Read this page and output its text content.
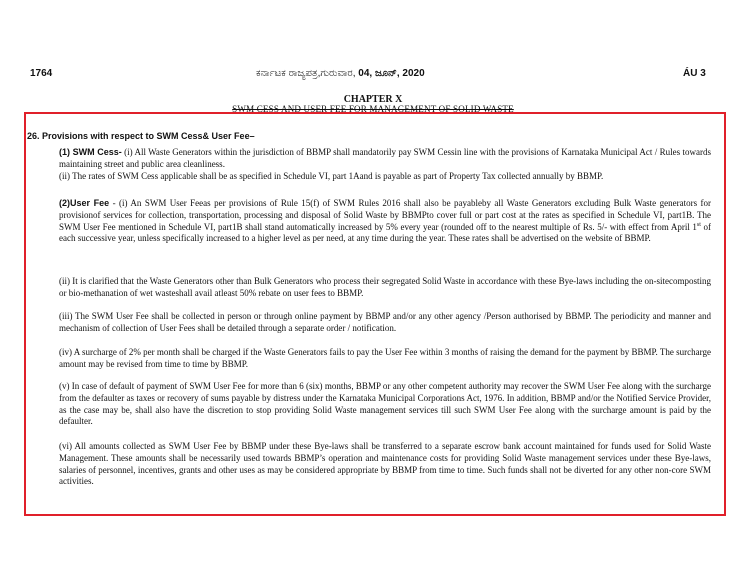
1764	ಕರ್ನಾಟಕ ರಾಜ್ಯಪತ್ರ,ಗುರುವಾರ, 04, ಜೂನ್, 2020	ÁU 3
CHAPTER X
SWM CESS AND USER FEE FOR MANAGEMENT OF SOLID WASTE
26. Provisions with respect to SWM Cess& User Fee–
(1) SWM Cess- (i) All Waste Generators within the jurisdiction of BBMP shall mandatorily pay SWM Cessin line with the provisions of Karnataka Municipal Act / Rules towards maintaining street and public area cleanliness.
(ii) The rates of SWM Cess applicable shall be as specified in Schedule VI, part 1Aand is payable as part of Property Tax collected annually by BBMP.
(2)User Fee - (i) An SWM User Feeas per provisions of Rule 15(f) of SWM Rules 2016 shall also be payableby all Waste Generators excluding Bulk Waste generators for provisionof services for collection, transportation, processing and disposal of Solid Waste by BBMPto cover full or part cost at the rates as specified in Schedule VI, part1B. The SWM User Fee mentioned in Schedule VI, part1B shall stand automatically increased by 5% every year (rounded off to the nearest multiple of Rs. 5/- with effect from April 1st of each successive year, unless specifically increased to a higher level as per need, at any time during the year. These rates shall be advertised on the website of BBMP.
(ii) It is clarified that the Waste Generators other than Bulk Generators who process their segregated Solid Waste in accordance with these Bye-laws including the on-sitecomposting or bio-methanation of wet wasteshall avail atleast 50% rebate on user fees to BBMP.
(iii) The SWM User Fee shall be collected in person or through online payment by BBMP and/or any other agency /Person authorised by BBMP. The periodicity and manner and mechanism of collection of User Fees shall be detailed through a separate order / notification.
(iv) A surcharge of 2% per month shall be charged if the Waste Generators fails to pay the User Fee within 3 months of raising the demand for the payment by BBMP. The surcharge amount may be revised from time to time by BBMP.
(v) In case of default of payment of SWM User Fee for more than 6 (six) months, BBMP or any other competent authority may recover the SWM User Fee along with the surcharge from the defaulter as taxes or recovery of sums payable by distress under the Karnataka Municipal Corporations Act, 1976. In addition, BBMP and/or the Notified Service Provider, as the case may be, shall also have the discretion to stop providing Solid Waste management services till such SWM User Fee along with the surcharge amount is paid by the defaulter.
(vi) All amounts collected as SWM User Fee by BBMP under these Bye-laws shall be transferred to a separate escrow bank account maintained for funds used for Solid Waste Management. These amounts shall be necessarily used towards BBMP’s operation and maintenance costs for providing Solid Waste management services under these Bye-laws, salaries of personnel, incentives, grants and other uses as may be considered appropriate by BBMP from time to time. Such funds shall not be diverted for any other non-core SWM activities.
